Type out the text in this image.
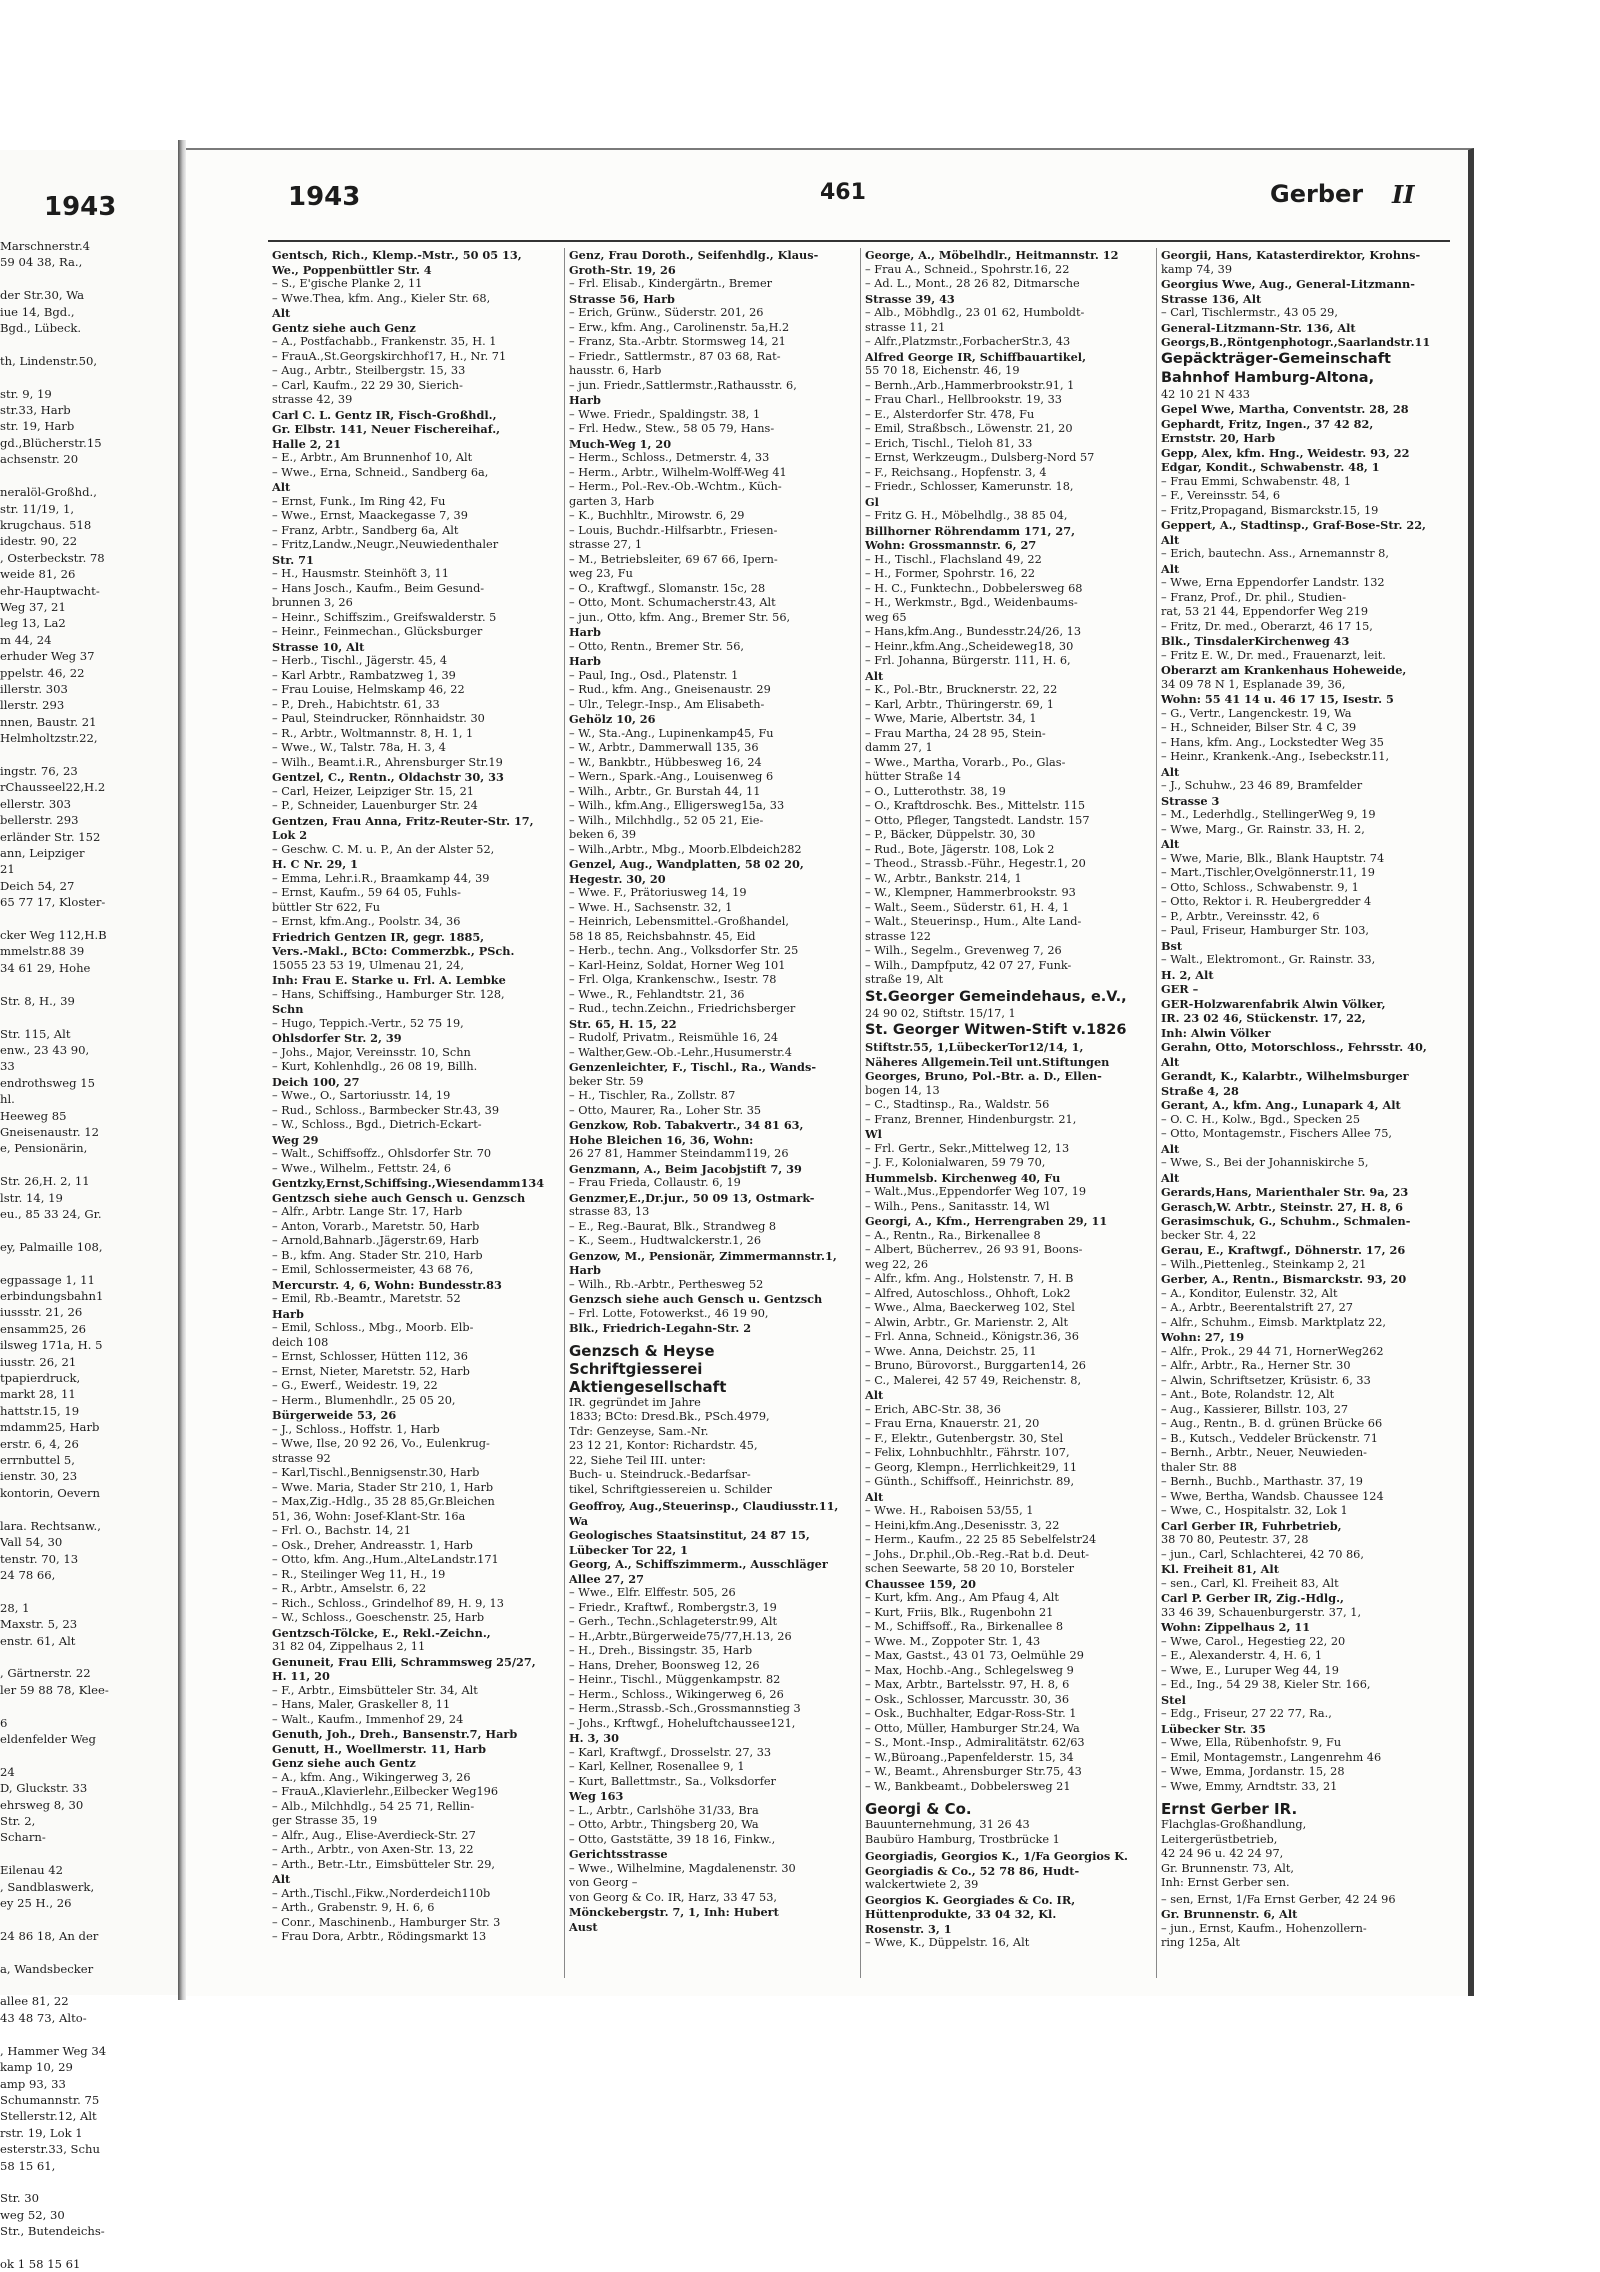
1943
Marschnerstr.4
59 04 38, Ra.,

der Str.30, Wa
iue 14, Bgd.,
Bgd., Lübeck.

th, Lindenstr.50,

str. 9, 19
str.33, Harb
str. 19, Harb
gd.,Blücherstr.15
achsenstr. 20

neralöl-Großhd.,
str. 11/19, 1,
krugchaus. 518
idestr. 90, 22
, Osterbeckstr. 78
weide 81, 26
ehr-Hauptwacht-
Weg 37, 21
leg 13, La2
m 44, 24
erhuder Weg 37
ppelstr. 46, 22
illerstr. 303
llerstr. 293
nnen, Baustr. 21
Helmholtzstr.22,

ingstr. 76, 23
rChausseel22,H.2
ellerstr. 303
bellerstr. 293
erländer Str. 152
ann, Leipziger
21
Deich 54, 27
65 77 17, Kloster-

cker Weg 112,H.B
mmelstr.88 39
34 61 29, Hohe

Str. 8, H., 39

Str. 115, Alt
enw., 23 43 90,
33
endrothsweg 15
hl.
Heeweg 85
Gneisenaustr. 12
e, Pensionärin,

Str. 26,H. 2, 11
lstr. 14, 19
eu., 85 33 24, Gr.

ey, Palmaille 108,

egpassage 1, 11
erbindungsbahn1
iussstr. 21, 26
ensamm25, 26
ilsweg 171a, H. 5
iusstr. 26, 21
tpapierdruck,
markt 28, 11
hattstr.15, 19
mdamm25, Harb
erstr. 6, 4, 26
errnbuttel 5,
ienstr. 30, 23
kontorin, Oevern

lara. Rechtsanw.,
Vall 54, 30
tenstr. 70, 13
24 78 66,

28, 1
Maxstr. 5, 23
enstr. 61, Alt

, Gärtnerstr. 22
ler 59 88 78, Klee-

6
eldenfelder Weg

24
D, Gluckstr. 33
ehrsweg 8, 30
Str. 2,
Scharn-

Eilenau 42
, Sandblaswerk,
ey 25 H., 26

24 86 18, An der

a, Wandsbecker

allee 81, 22
43 48 73, Alto-

, Hammer Weg 34
kamp 10, 29
amp 93, 33
Schumannstr. 75
Stellerstr.12, Alt
rstr. 19, Lok 1
esterstr.33, Schu
58 15 61,

Str. 30
weg 52, 30
Str., Butendeichs-

ok 1 58 15 61
1943	461	Gerber II
Gentsch, Rich., Klemp.-Mstr., 50 05 13,
We., Poppenbüttler Str. 4
– S., E'gische Planke 2, 11
– Wwe.Thea, kfm. Ang., Kieler Str. 68,
Alt
Gentz siehe auch Genz
– A., Postfachabb., Frankenstr. 35, H. 1
– FrauA.,St.Georgskirchhof17, H., Nr. 71
– Aug., Arbtr., Steilbergstr. 15, 33
– Carl, Kaufm., 22 29 30, Sierich-
strasse 42, 39
Carl C. L. Gentz IR, Fisch-Großhdl.,
Gr. Elbstr. 141, Neuer Fischereihaf.,
Halle 2, 21
– E., Arbtr., Am Brunnenhof 10, Alt
– Wwe., Erna, Schneid., Sandberg 6a,
Alt
– Ernst, Funk., Im Ring 42, Fu
– Wwe., Ernst, Maackegasse 7, 39
– Franz, Arbtr., Sandberg 6a, Alt
– Fritz,Landw.,Neugr.,Neuwiedenthaler
Str. 71
– H., Hausmstr. Steinhöft 3, 11
– Hans Josch., Kaufm., Beim Gesund-
brunnen 3, 26
– Heinr., Schiffszim., Greifswalderstr. 5
– Heinr., Feinmechan., Glücksburger
Strasse 10, Alt
– Herb., Tischl., Jägerstr. 45, 4
– Karl Arbtr., Rambatzweg 1, 39
– Frau Louise, Helmskamp 46, 22
– P., Dreh., Habichtstr. 61, 33
– Paul, Steindrucker, Rönnhaidstr. 30
– R., Arbtr., Woltmannstr. 8, H. 1, 1
– Wwe., W., Talstr. 78a, H. 3, 4
– Wilh., Beamt.i.R., Ahrensburger Str.19
Gentzel, C., Rentn., Oldachstr 30, 33
– Carl, Heizer, Leipziger Str. 15, 21
– P., Schneider, Lauenburger Str. 24
Gentzen, Frau Anna, Fritz-Reuter-Str. 17,
Lok 2
– Geschw. C. M. u. P., An der Alster 52,
H. C Nr. 29, 1
– Emma, Lehr.i.R., Braamkamp 44, 39
– Ernst, Kaufm., 59 64 05, Fuhls-
büttler Str 622, Fu
– Ernst, kfm.Ang., Poolstr. 34, 36
Friedrich Gentzen IR, gegr. 1885,
Vers.-Makl., BCto: Commerzbk., PSch.
15055 23 53 19, Ulmenau 21, 24,
Inh: Frau E. Starke u. Frl. A. Lembke
– Hans, Schiffsing., Hamburger Str. 128,
Schn
– Hugo, Teppich.-Vertr., 52 75 19,
Ohlsdorfer Str. 2, 39
– Johs., Major, Vereinsstr. 10, Schn
– Kurt, Kohlenhdlg., 26 08 19, Billh.
Deich 100, 27
– Wwe., O., Sartoriusstr. 14, 19
– Rud., Schloss., Barmbecker Str.43, 39
– W., Schloss., Bgd., Dietrich-Eckart-
Weg 29
– Walt., Schiffsoffz., Ohlsdorfer Str. 70
– Wwe., Wilhelm., Fettstr. 24, 6
Gentzky,Ernst,Schiffsing.,Wiesendamm134
Gentzsch siehe auch Gensch u. Genzsch
– Alfr., Arbtr. Lange Str. 17, Harb
– Anton, Vorarb., Maretstr. 50, Harb
– Arnold,Bahnarb.,Jägerstr.69, Harb
– B., kfm. Ang. Stader Str. 210, Harb
– Emil, Schlossermeister, 43 68 76,
Mercurstr. 4, 6, Wohn: Bundesstr.83
– Emil, Rb.-Beamtr., Maretstr. 52
Harb
– Emil, Schloss., Mbg., Moorb. Elb-
deich 108
– Ernst, Schlosser, Hütten 112, 36
– Ernst, Nieter, Maretstr. 52, Harb
– G., Ewerf., Weidestr. 19, 22
– Herm., Blumenhdlr., 25 05 20,
Bürgerweide 53, 26
– J., Schloss., Hoffstr. 1, Harb
– Wwe, Ilse, 20 92 26, Vo., Eulenkrug-
strasse 92
– Karl,Tischl.,Bennigsenstr.30, Harb
– Wwe. Maria, Stader Str 210, 1, Harb
– Max,Zig.-Hdlg., 35 28 85,Gr.Bleichen
51, 36, Wohn: Josef-Klant-Str. 16a
– Frl. O., Bachstr. 14, 21
– Osk., Dreher, Andreasstr. 1, Harb
– Otto, kfm. Ang.,Hum.,AlteLandstr.171
– R., Steilinger Weg 11, H., 19
– R., Arbtr., Amselstr. 6, 22
– Rich., Schloss., Grindelhof 89, H. 9, 13
– W., Schloss., Goeschenstr. 25, Harb
Gentzsch-Tölcke, E., Rekl.-Zeichn.,
31 82 04, Zippelhaus 2, 11
Genuneit, Frau Elli, Schrammsweg 25/27,
H. 11, 20
– F., Arbtr., Eimsbütteler Str. 34, Alt
– Hans, Maler, Graskeller 8, 11
– Walt., Kaufm., Immenhof 29, 24
Genuth, Joh., Dreh., Bansenstr.7, Harb
Genutt, H., Woellmerstr. 11, Harb
Genz siehe auch Gentz
– A., kfm. Ang., Wikingerweg 3, 26
– FrauA.,Klavierlehr.,Eilbecker Weg196
– Alb., Milchhdlg., 54 25 71, Rellin-
ger Strasse 35, 19
– Alfr., Aug., Elise-Averdieck-Str. 27
– Arth., Arbtr., von Axen-Str. 13, 22
– Arth., Betr.-Ltr., Eimsbütteler Str. 29,
Alt
– Arth.,Tischl.,Fikw.,Norderdeich110b
– Arth., Grabenstr. 9, H. 6, 6
– Conr., Maschinenb., Hamburger Str. 3
– Frau Dora, Arbtr., Rödingsmarkt 13
Genz, Frau Doroth., Seifenhdlg., Klaus-
Groth-Str. 19, 26
– Frl. Elisab., Kindergärtn., Bremer
Strasse 56, Harb
– Erich, Grünw., Süderstr. 201, 26
– Erw., kfm. Ang., Carolinenstr. 5a,H.2
– Franz, Sta.-Arbtr. Stormsweg 14, 21
– Friedr., Sattlermstr., 87 03 68, Rat-
hausstr. 6, Harb
– jun. Friedr.,Sattlermstr.,Rathausstr. 6,
Harb
– Wwe. Friedr., Spaldingstr. 38, 1
– Frl. Hedw., Stew., 58 05 79, Hans-
Much-Weg 1, 20
– Herm., Schloss., Detmerstr. 4, 33
– Herm., Arbtr., Wilhelm-Wolff-Weg 41
– Herm., Pol.-Rev.-Ob.-Wchtm., Küch-
garten 3, Harb
– K., Buchhltr., Mirowstr. 6, 29
– Louis, Buchdr.-Hilfsarbtr., Friesen-
strasse 27, 1
– M., Betriebsleiter, 69 67 66, Ipern-
weg 23, Fu
– O., Kraftwgf., Slomanstr. 15c, 28
– Otto, Mont. Schumacherstr.43, Alt
– jun., Otto, kfm. Ang., Bremer Str. 56,
Harb
– Otto, Rentn., Bremer Str. 56,
Harb
– Paul, Ing., Osd., Platenstr. 1
– Rud., kfm. Ang., Gneisenaustr. 29
– Ulr., Telegr.-Insp., Am Elisabeth-
Gehölz 10, 26
– W., Sta.-Ang., Lupinenkamp45, Fu
– W., Arbtr., Dammerwall 135, 36
– W., Bankbtr., Hübbesweg 16, 24
– Wern., Spark.-Ang., Louisenweg 6
– Wilh., Arbtr., Gr. Burstah 44, 11
– Wilh., kfm.Ang., Elligersweg15a, 33
– Wilh., Milchhdlg., 52 05 21, Eie-
beken 6, 39
– Wilh.,Arbtr., Mbg., Moorb.Elbdeich282
Genzel, Aug., Wandplatten, 58 02 20,
Hegestr. 30, 20
– Wwe. F., Prätoriusweg 14, 19
– Wwe. H., Sachsenstr. 32, 1
– Heinrich, Lebensmittel.-Großhandel,
58 18 85, Reichsbahnstr. 45, Eid
– Herb., techn. Ang., Volksdorfer Str. 25
– Karl-Heinz, Soldat, Horner Weg 101
– Frl. Olga, Krankenschw., Isestr. 78
– Wwe., R., Fehlandtstr. 21, 36
– Rud., techn.Zeichn., Friedrichsberger
Str. 65, H. 15, 22
– Rudolf, Privatm., Reismühle 16, 24
– Walther,Gew.-Ob.-Lehr.,Husumerstr.4
Genzenleichter, F., Tischl., Ra., Wands-
beker Str. 59
– H., Tischler, Ra., Zollstr. 87
– Otto, Maurer, Ra., Loher Str. 35
Genzkow, Rob. Tabakvertr., 34 81 63,
Hohe Bleichen 16, 36, Wohn:
26 27 81, Hammer Steindamm119, 26
Genzmann, A., Beim Jacobjstift 7, 39
– Frau Frieda, Collaustr. 6, 19
Genzmer,E.,Dr.jur., 50 09 13, Ostmark-
strasse 83, 13
– E., Reg.-Baurat, Blk., Strandweg 8
– K., Seem., Hudtwalckerstr.1, 26
Genzow, M., Pensionär, Zimmermannstr.1,
Harb
– Wilh., Rb.-Arbtr., Perthesweg 52
Genzsch siehe auch Gensch u. Gentzsch
– Frl. Lotte, Fotowerkst., 46 19 90,
Blk., Friedrich-Legahn-Str. 2
Genzsch & Heyse Schriftgiesserei Aktiengesellschaft
IR. gegründet im Jahre
1833; BCto: Dresd.Bk., PSch.4979,
Tdr: Genzeyse, Sam.-Nr.
23 12 21, Kontor: Richardstr. 45,
22, Siehe Teil III. unter:
Buch- u. Steindruck.-Bedarfsar-
tikel, Schriftgiessereien u. Schilder
Geoffroy, Aug.,Steuerinsp., Claudiusstr.11,
Wa
Geologisches Staatsinstitut, 24 87 15,
Lübecker Tor 22, 1
Georg, A., Schiffszimmerm., Ausschläger
Allee 27, 27
– Wwe., Elfr. Elffestr. 505, 26
– Friedr., Kraftwf., Rombergstr.3, 19
– Gerh., Techn.,Schlageterstr.99, Alt
– H.,Arbtr.,Bürgerweide75/77,H.13, 26
– H., Dreh., Bissingstr. 35, Harb
– Hans, Dreher, Boonsweg 12, 26
– Heinr., Tischl., Müggenkampstr. 82
– Herm., Schloss., Wikingerweg 6, 26
– Herm.,Strassb.-Sch.,Grossmannstieg 3
– Johs., Krftwgf., Hoheluftchaussee121,
H. 3, 30
– Karl, Kraftwgf., Drosselstr. 27, 33
– Karl, Kellner, Rosenallee 9, 1
– Kurt, Ballettmstr., Sa., Volksdorfer
Weg 163
– L., Arbtr., Carlshöhe 31/33, Bra
– Otto, Arbtr., Thingsberg 20, Wa
– Otto, Gaststätte, 39 18 16, Finkw.,
Gerichtsstrasse
– Wwe., Wilhelmine, Magdalenenstr. 30
von Georg –
von Georg & Co. IR, Harz, 33 47 53,
Mönckebergstr. 7, 1, Inh: Hubert
Aust
George, A., Möbelhdlr., Heitmannstr. 12
– Frau A., Schneid., Spohrstr.16, 22
– Ad. L., Mont., 28 26 82, Ditmarsche
Strasse 39, 43
– Alb., Möbhdlg., 23 01 62, Humboldt-
strasse 11, 21
– Alfr.,Platzmstr.,ForbacherStr.3, 43
Alfred George IR, Schiffbauartikel,
55 70 18, Eichenstr. 46, 19
– Bernh.,Arb.,Hammerbrookstr.91, 1
– Frau Charl., Hellbrookstr. 19, 33
– E., Alsterdorfer Str. 478, Fu
– Emil, Straßbsch., Löwenstr. 21, 20
– Erich, Tischl., Tieloh 81, 33
– Ernst, Werkzeugm., Dulsberg-Nord 57
– F., Reichsang., Hopfenstr. 3, 4
– Friedr., Schlosser, Kamerunstr. 18,
Gl
– Fritz G. H., Möbelhdlg., 38 85 04,
Billhorner Röhrendamm 171, 27,
Wohn: Grossmannstr. 6, 27
– H., Tischl., Flachsland 49, 22
– H., Former, Spohrstr. 16, 22
– H. C., Funktechn., Dobbelersweg 68
– H., Werkmstr., Bgd., Weidenbaums-
weg 65
– Hans,kfm.Ang., Bundesstr.24/26, 13
– Heinr.,kfm.Ang.,Scheideweg18, 30
– Frl. Johanna, Bürgerstr. 111, H. 6,
Alt
– K., Pol.-Btr., Brucknerstr. 22, 22
– Karl, Arbtr., Thüringerstr. 69, 1
– Wwe, Marie, Albertstr. 34, 1
– Frau Martha, 24 28 95, Stein-
damm 27, 1
– Wwe., Martha, Vorarb., Po., Glas-
hütter Straße 14
– O., Lutterothstr. 38, 19
– O., Kraftdroschk. Bes., Mittelstr. 115
– Otto, Pfleger, Tangstedt. Landstr. 157
– P., Bäcker, Düppelstr. 30, 30
– Rud., Bote, Jägerstr. 108, Lok 2
– Theod., Strassb.-Führ., Hegestr.1, 20
– W., Arbtr., Bankstr. 214, 1
– W., Klempner, Hammerbrookstr. 93
– Walt., Seem., Süderstr. 61, H. 4, 1
– Walt., Steuerinsp., Hum., Alte Land-
strasse 122
– Wilh., Segelm., Grevenweg 7, 26
– Wilh., Dampfputz, 42 07 27, Funk-
straße 19, Alt
St.Georger Gemeindehaus, e.V.,
24 90 02, Stiftstr. 15/17, 1
St. Georger Witwen-Stift v.1826
Stiftstr.55, 1,LübeckerTor12/14, 1,
Näheres Allgemein.Teil unt.Stiftungen
Georges, Bruno, Pol.-Btr. a. D., Ellen-
bogen 14, 13
– C., Stadtinsp., Ra., Waldstr. 56
– Franz, Brenner, Hindenburgstr. 21,
Wl
– Frl. Gertr., Sekr.,Mittelweg 12, 13
– J. F., Kolonialwaren, 59 79 70,
Hummelsb. Kirchenweg 40, Fu
– Walt.,Mus.,Eppendorfer Weg 107, 19
– Wilh., Pens., Sanitasstr. 14, Wl
Georgi, A., Kfm., Herrengraben 29, 11
– A., Rentn., Ra., Birkenallee 8
– Albert, Bücherrev., 26 93 91, Boons-
weg 22, 26
– Alfr., kfm. Ang., Holstenstr. 7, H. B
– Alfred, Autoschloss., Ohhoft, Lok2
– Wwe., Alma, Baeckerweg 102, Stel
– Alwin, Arbtr., Gr. Marienstr. 2, Alt
– Frl. Anna, Schneid., Königstr.36, 36
– Wwe. Anna, Deichstr. 25, 11
– Bruno, Bürovorst., Burggarten14, 26
– C., Malerei, 42 57 49, Reichenstr. 8,
Alt
– Erich, ABC-Str. 38, 36
– Frau Erna, Knauerstr. 21, 20
– F., Elektr., Gutenbergstr. 30, Stel
– Felix, Lohnbuchhltr., Fährstr. 107,
– Georg, Klempn., Herrlichkeit29, 11
– Günth., Schiffsoff., Heinrichstr. 89,
Alt
– Wwe. H., Raboisen 53/55, 1
– Heini,kfm.Ang.,Desenisstr. 3, 22
– Herm., Kaufm., 22 25 85 Sebelfelstr24
– Johs., Dr.phil.,Ob.-Reg.-Rat b.d. Deut-
schen Seewarte, 58 20 10, Borsteler
Chaussee 159, 20
– Kurt, kfm. Ang., Am Pfaug 4, Alt
– Kurt, Friis, Blk., Rugenbohn 21
– M., Schiffsoff., Ra., Birkenallee 8
– Wwe. M., Zoppoter Str. 1, 43
– Max, Gastst., 43 01 73, Oelmühle 29
– Max, Hochb.-Ang., Schlegelsweg 9
– Max, Arbtr., Bartelsstr. 97, H. 8, 6
– Osk., Schlosser, Marcusstr. 30, 36
– Osk., Buchhalter, Edgar-Ross-Str. 1
– Otto, Müller, Hamburger Str.24, Wa
– S., Mont.-Insp., Admiralitätstr. 62/63
– W.,Büroang.,Papenfelderstr. 15, 34
– W., Beamt., Ahrensburger Str.75, 43
– W., Bankbeamt., Dobbelersweg 21
Georgi & Co.
Bauunternehmung, 31 26 43
Baubüro Hamburg, Trostbrücke 1
Georgiadis, Georgios K., 1/Fa Georgios K.
Georgiadis & Co., 52 78 86, Hudt-
walckertwiete 2, 39
Georgios K. Georgiades & Co. IR,
Hüttenprodukte, 33 04 32, Kl.
Rosenstr. 3, 1
– Wwe, K., Düppelstr. 16, Alt
Georgii, Hans, Katasterdirektor, Krohns-
kamp 74, 39
Georgius Wwe, Aug., General-Litzmann-
Strasse 136, Alt
– Carl, Tischlermstr., 43 05 29,
General-Litzmann-Str. 136, Alt
Georgs,B.,Röntgenphotogr.,Saarlandstr.11
Gepäckträger-Gemeinschaft
Bahnhof Hamburg-Altona,
42 10 21 N 433
Gepel Wwe, Martha, Conventstr. 28, 28
Gephardt, Fritz, Ingen., 37 42 82,
Ernststr. 20, Harb
Gepp, Alex, kfm. Hng., Weidestr. 93, 22
Edgar, Kondit., Schwabenstr. 48, 1
– Frau Emmi, Schwabenstr. 48, 1
– F., Vereinsstr. 54, 6
– Fritz,Propagand, Bismarckstr.15, 19
Geppert, A., Stadtinsp., Graf-Bose-Str. 22,
Alt
– Erich, bautechn. Ass., Arnemannstr 8,
Alt
– Wwe, Erna Eppendorfer Landstr. 132
– Franz, Prof., Dr. phil., Studien-
rat, 53 21 44, Eppendorfer Weg 219
– Fritz, Dr. med., Oberarzt, 46 17 15,
Blk., TinsdalerKirchenweg 43
– Fritz E. W., Dr. med., Frauenarzt, leit.
Oberarzt am Krankenhaus Hoheweide,
34 09 78 N 1, Esplanade 39, 36,
Wohn: 55 41 14 u. 46 17 15, Isestr. 5
– G., Vertr., Langenckestr. 19, Wa
– H., Schneider, Bilser Str. 4 C, 39
– Hans, kfm. Ang., Lockstedter Weg 35
– Heinr., Krankenk.-Ang., Isebeckstr.11,
Alt
– J., Schuhw., 23 46 89, Bramfelder
Strasse 3
– M., Lederhdlg., StellingerWeg 9, 19
– Wwe, Marg., Gr. Rainstr. 33, H. 2,
Alt
– Wwe, Marie, Blk., Blank Hauptstr. 74
– Mart.,Tischler,Ovelgönnerstr.11, 19
– Otto, Schloss., Schwabenstr. 9, 1
– Otto, Rektor i. R. Heubergredder 4
– P., Arbtr., Vereinsstr. 42, 6
– Paul, Friseur, Hamburger Str. 103,
Bst
– Walt., Elektromont., Gr. Rainstr. 33,
H. 2, Alt
GER –
GER-Holzwarenfabrik Alwin Völker,
IR. 23 02 46, Stückenstr. 17, 22,
Inh: Alwin Völker
Gerahn, Otto, Motorschloss., Fehrsstr. 40,
Alt
Gerandt, K., Kalarbtr., Wilhelmsburger
Straße 4, 28
Gerant, A., kfm. Ang., Lunapark 4, Alt
– O. C. H., Kolw., Bgd., Specken 25
– Otto, Montagemstr., Fischers Allee 75,
Alt
– Wwe, S., Bei der Johanniskirche 5,
Alt
Gerards,Hans, Marienthaler Str. 9a, 23
Gerasch,W. Arbtr., Steinstr. 27, H. 8, 6
Gerasimschuk, G., Schuhm., Schmalen-
becker Str. 4, 22
Gerau, E., Kraftwgf., Döhnerstr. 17, 26
– Wilh.,Piettenleg., Steinkamp 2, 21
Gerber, A., Rentn., Bismarckstr. 93, 20
– A., Konditor, Eulenstr. 32, Alt
– A., Arbtr., Beerentalstrift 27, 27
– Alfr., Schuhm., Eimsb. Marktplatz 22,
Wohn: 27, 19
– Alfr., Prok., 29 44 71, HornerWeg262
– Alfr., Arbtr., Ra., Herner Str. 30
– Alwin, Schriftsetzer, Krüsistr. 6, 33
– Ant., Bote, Rolandstr. 12, Alt
– Aug., Kassierer, Billstr. 103, 27
– Aug., Rentn., B. d. grünen Brücke 66
– B., Kutsch., Veddeler Brückenstr. 71
– Bernh., Arbtr., Neuer, Neuwieden-
thaler Str. 88
– Bernh., Buchb., Marthastr. 37, 19
– Wwe, Bertha, Wandsb. Chaussee 124
– Wwe, C., Hospitalstr. 32, Lok 1
Carl Gerber IR, Fuhrbetrieb,
38 70 80, Peutestr. 37, 28
– jun., Carl, Schlachterei, 42 70 86,
Kl. Freiheit 81, Alt
– sen., Carl, Kl. Freiheit 83, Alt
Carl P. Gerber IR, Zig.-Hdlg.,
33 46 39, Schauenburgerstr. 37, 1,
Wohn: Zippelhaus 2, 11
– Wwe, Carol., Hegestieg 22, 20
– E., Alexanderstr. 4, H. 6, 1
– Wwe, E., Luruper Weg 44, 19
– Ed., Ing., 54 29 38, Kieler Str. 166,
Stel
– Edg., Friseur, 27 22 77, Ra.,
Lübecker Str. 35
– Wwe, Ella, Rübenhofstr. 9, Fu
– Emil, Montagemstr., Langenrehm 46
– Wwe, Emma, Jordanstr. 15, 28
– Wwe, Emmy, Arndtstr. 33, 21
Ernst Gerber IR.
Flachglas-Großhandlung,
Leitergerüstbetrieb,
42 24 96 u. 42 24 97,
Gr. Brunnenstr. 73, Alt,
Inh: Ernst Gerber sen.
– sen, Ernst, 1/Fa Ernst Gerber, 42 24 96
Gr. Brunnenstr. 6, Alt
– jun., Ernst, Kaufm., Hohenzollern-
ring 125a, Alt
